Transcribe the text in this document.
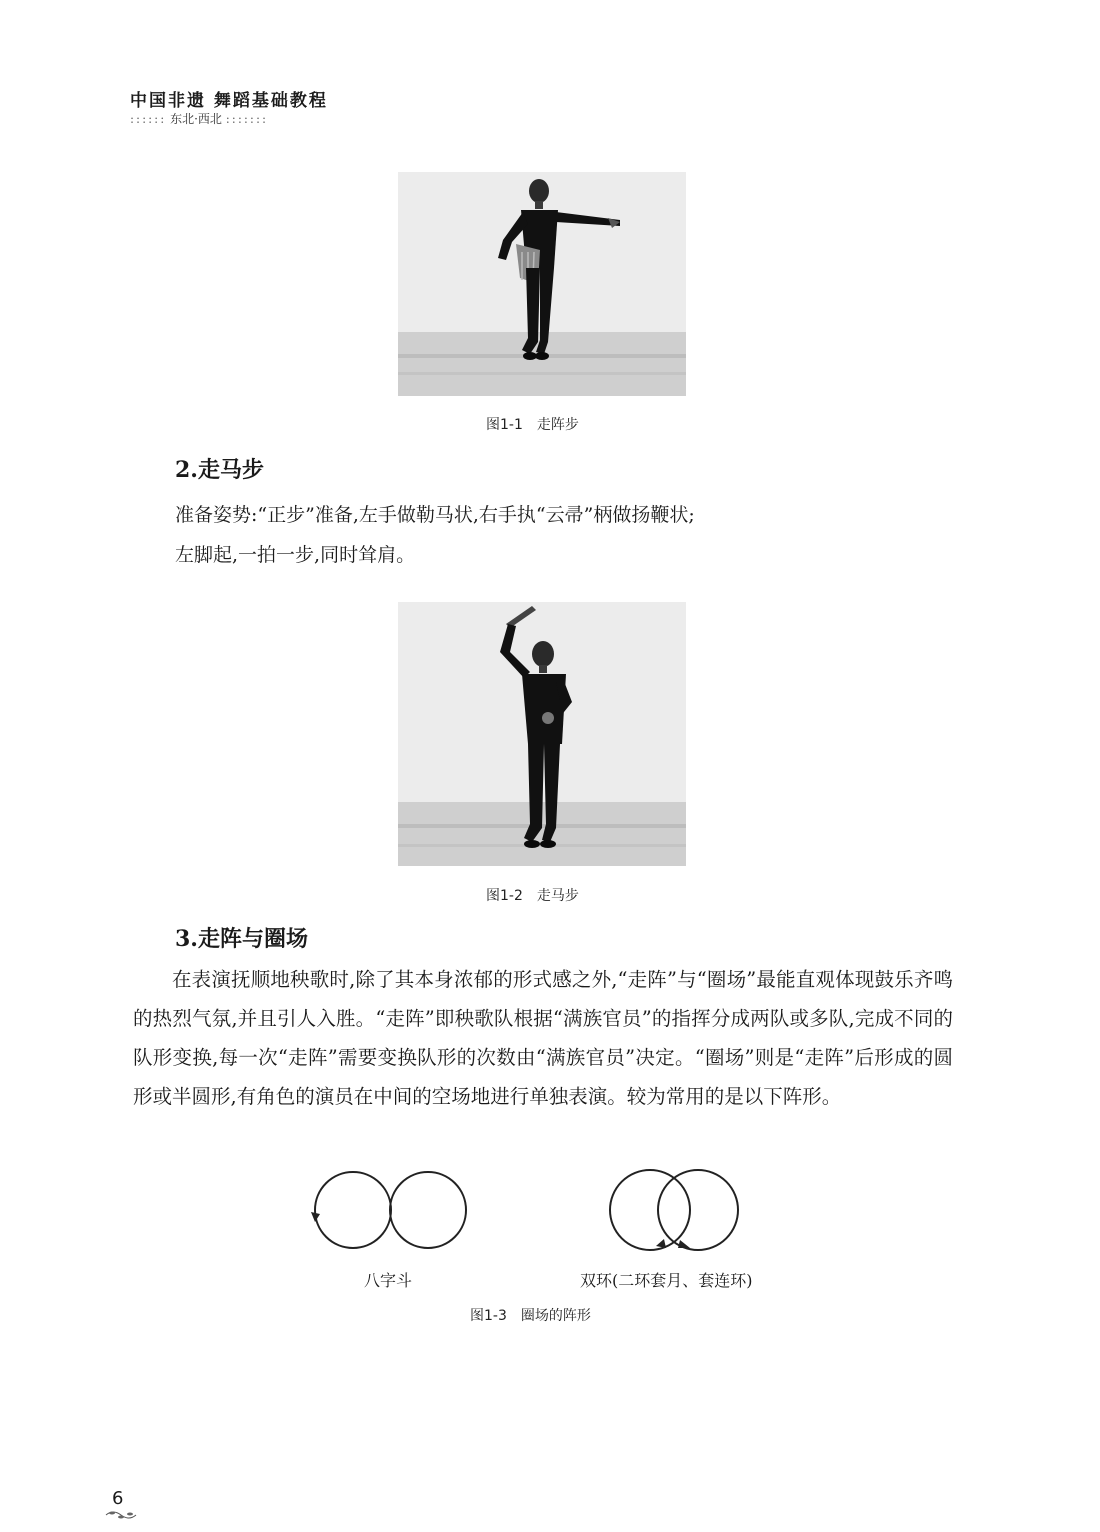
中国非遗 舞蹈基础教程
:::::: 东北·西北 :::::::
图1-1　走阵步
2.走马步
准备姿势:“正步”准备,左手做勒马状,右手执“云帚”柄做扬鞭状;
左脚起,一拍一步,同时耸肩。
图1-2　走马步
3.走阵与圈场
在表演抚顺地秧歌时,除了其本身浓郁的形式感之外,“走阵”与“圈场”最能直观体现鼓乐齐鸣的热烈气氛,并且引人入胜。“走阵”即秧歌队根据“满族官员”的指挥分成两队或多队,完成不同的队形变换,每一次“走阵”需要变换队形的次数由“满族官员”决定。“圈场”则是“走阵”后形成的圆形或半圆形,有角色的演员在中间的空场地进行单独表演。较为常用的是以下阵形。
八字斗	双环(二环套月、套连环)
图1-3　圈场的阵形
6
